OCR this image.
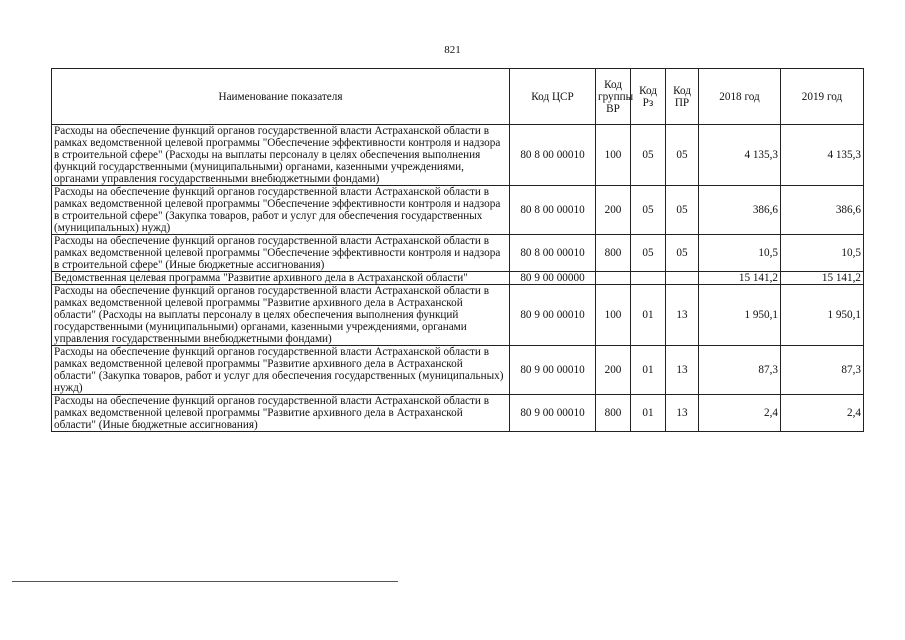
821
Наименование показателя	Код ЦСР	Код группы ВР	Код Рз	Код ПР	2018 год	2019 год
Расходы на обеспечение функций органов государственной власти Астраханской области в рамках ведомственной целевой программы "Обеспечение эффективности контроля и надзора в строительной сфере" (Расходы на выплаты персоналу в целях обеспечения выполнения функций государственными (муниципальными) органами, казенными учреждениями, органами управления государственными внебюджетными фондами)	80 8 00 00010	100	05	05	4 135,3	4 135,3
Расходы на обеспечение функций органов государственной власти Астраханской области в рамках ведомственной целевой программы "Обеспечение эффективности контроля и надзора в строительной сфере" (Закупка товаров, работ и услуг для обеспечения государственных (муниципальных) нужд)	80 8 00 00010	200	05	05	386,6	386,6
Расходы на обеспечение функций органов государственной власти Астраханской области в рамках ведомственной целевой программы "Обеспечение эффективности контроля и надзора в строительной сфере" (Иные бюджетные ассигнования)	80 8 00 00010	800	05	05	10,5	10,5
Ведомственная целевая программа "Развитие архивного дела в Астраханской области"	80 9 00 00000				15 141,2	15 141,2
Расходы на обеспечение функций органов государственной власти Астраханской области в рамках ведомственной целевой программы "Развитие архивного дела в Астраханской области" (Расходы на выплаты персоналу в целях обеспечения выполнения функций государственными (муниципальными) органами, казенными учреждениями, органами управления государственными внебюджетными фондами)	80 9 00 00010	100	01	13	1 950,1	1 950,1
Расходы на обеспечение функций органов государственной власти Астраханской области в рамках ведомственной целевой программы "Развитие архивного дела в Астраханской области" (Закупка товаров, работ и услуг для обеспечения государственных (муниципальных) нужд)	80 9 00 00010	200	01	13	87,3	87,3
Расходы на обеспечение функций органов государственной власти Астраханской области в рамках ведомственной целевой программы "Развитие архивного дела в Астраханской области" (Иные бюджетные ассигнования)	80 9 00 00010	800	01	13	2,4	2,4
